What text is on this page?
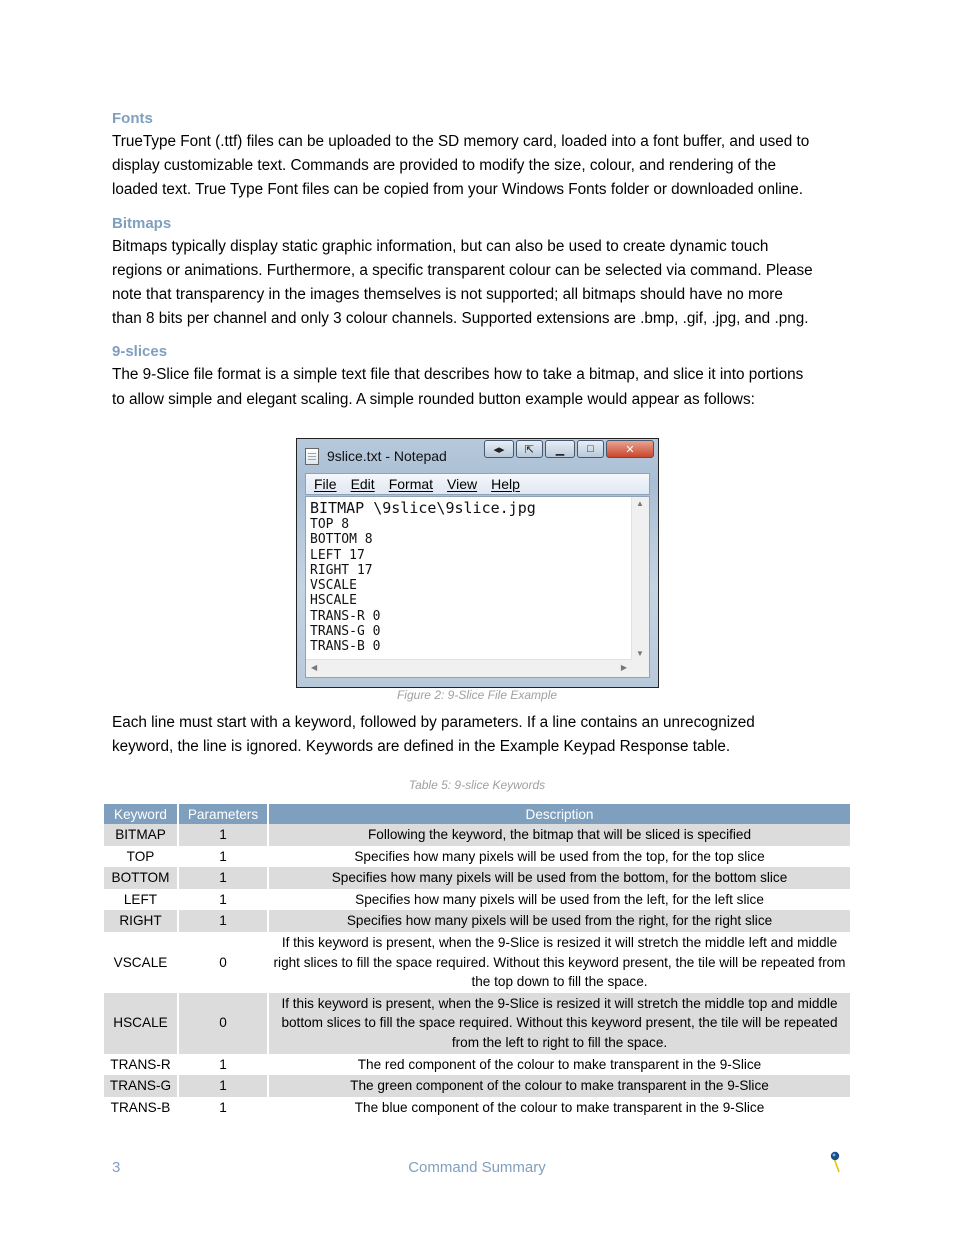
Fonts

TrueType Font (.ttf) files can be uploaded to the SD memory card, loaded into a font buffer, and used to
display customizable text. Commands are provided to modify the size, colour, and rendering of the
loaded text. True Type Font files can be copied from your Windows Fonts folder or downloaded online.

Bitmaps

Bitmaps typically display static graphic information, but can also be used to create dynamic touch
regions or animations. Furthermore, a specific transparent colour can be selected via command. Please
note that transparency in the images themselves is not supported; all bitmaps should have no more
than 8 bits per channel and only 3 colour channels. Supported extensions are .bmp, .gif, .jpg, and .png.

9-slices

The 9-Slice file format is a simple text file that describes how to take a bitmap, and slice it into portions
to allow simple and elegant scaling. A simple rounded button example would appear as follows:

9slice.txt - Notepad	◂▸	⇱	▁	□	✕
File Edit Format View Help
BITMAP \9slice\9slice.jpg
TOP 8
BOTTOM 8
LEFT 17
RIGHT 17
VSCALE
HSCALE
TRANS-R 0
TRANS-G 0
TRANS-B 0
▲
▼
◀	▶
Figure 2: 9-Slice File Example

Each line must start with a keyword, followed by parameters. If a line contains an unrecognized
keyword, the line is ignored. Keywords are defined in the Example Keypad Response table.

Table 5: 9-slice Keywords
Keyword	Parameters	Description
BITMAP	1	Following the keyword, the bitmap that will be sliced is specified
TOP	1	Specifies how many pixels will be used from the top, for the top slice
BOTTOM	1	Specifies how many pixels will be used from the bottom, for the bottom slice
LEFT	1	Specifies how many pixels will be used from the left, for the left slice
RIGHT	1	Specifies how many pixels will be used from the right, for the right slice
VSCALE	0	If this keyword is present, when the 9-Slice is resized it will stretch the middle left and middle right slices to fill the space required. Without this keyword present, the tile will be repeated from the top down to fill the space.
HSCALE	0	If this keyword is present, when the 9-Slice is resized it will stretch the middle top and middle bottom slices to fill the space required. Without this keyword present, the tile will be repeated from the left to right to fill the space.
TRANS-R	1	The red component of the colour to make transparent in the 9-Slice
TRANS-G	1	The green component of the colour to make transparent in the 9-Slice
TRANS-B	1	The blue component of the colour to make transparent in the 9-Slice
3	Command Summary
